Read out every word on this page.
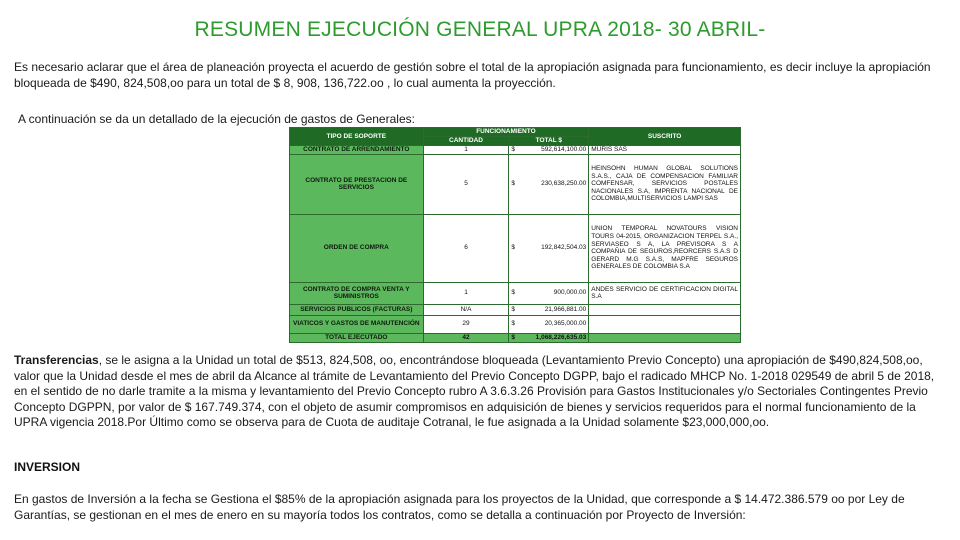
RESUMEN EJECUCIÓN GENERAL UPRA 2018- 30 ABRIL-

Es necesario aclarar que el área de planeación proyecta el acuerdo de gestión sobre el total de la apropiación asignada para funcionamiento, es decir incluye la apropiación bloqueada de $490, 824,508,oo para un total de $ 8, 908, 136,722.oo , lo cual aumenta la proyección.

A continuación se da un detallado de la ejecución de gastos de Generales:

TIPO DE SOPORTE	FUNCIONAMIENTO		SUSCRITO
	CANTIDAD	TOTAL $	
CONTRATO DE ARRENDAMIENTO	1	$ 592,614,100.00	MURIS SAS
CONTRATO DE PRESTACION DE SERVICIOS	5	$ 230,638,250.00	HEINSOHN HUMAN GLOBAL SOLUTIONS S.A.S., CAJA DE COMPENSACION FAMILIAR COMFENSAR, SERVICIOS POSTALES NACIONALES S.A, IMPRENTA NACIONAL DE COLOMBIA,MULTISERVICIOS LAMPI SAS
ORDEN DE COMPRA	6	$ 192,842,504.03	UNION TEMPORAL NOVATOURS VISION TOURS 04-2015, ORGANIZACION TERPEL S.A., SERVIASEO S A, LA PREVISORA S A COMPAÑIA DE SEGUROS,REORCERS S.A.S D GERARD M.G S.A.S, MAPFRE SEGUROS GENERALES DE COLOMBIA S.A
CONTRATO DE COMPRA VENTA Y SUMINISTROS	1	$ 900,000.00	ANDES SERVICIO DE CERTIFICACION DIGITAL S.A
SERVICIOS PUBLICOS (FACTURAS)	N/A	$ 21,966,881.00	

VIATICOS Y GASTOS DE MANUTENCIÓN	29	$ 20,365,000.00	

TOTAL EJECUTADO	42	$ 1,068,226,635.03	

Transferencias, se le asigna a la Unidad un total de $513, 824,508, oo, encontrándose bloqueada (Levantamiento Previo Concepto) una apropiación de $490,824,508,oo, valor que la Unidad desde el mes de abril da Alcance al trámite de Levantamiento del Previo Concepto DGPP, bajo el radicado MHCP No. 1-2018 029549 de abril 5 de 2018, en el sentido de no darle tramite a la misma y levantamiento del Previo Concepto rubro A 3.6.3.26 Provisión para Gastos Institucionales y/o Sectoriales Contingentes Previo Concepto DGPPN, por valor de $ 167.749.374, con el objeto de asumir compromisos en adquisición de bienes y servicios requeridos para el normal funcionamiento de la UPRA vigencia 2018.Por Último como se observa para de Cuota de auditaje Cotranal, le fue asignada a la Unidad solamente $23,000,000,oo.

INVERSION

En gastos de Inversión a la fecha se Gestiona el $85% de la apropiación asignada para los proyectos de la Unidad, que corresponde a $ 14.472.386.579 oo por Ley de Garantías, se gestionan en el mes de enero en su mayoría todos los contratos, como se detalla a continuación por Proyecto de Inversión:
